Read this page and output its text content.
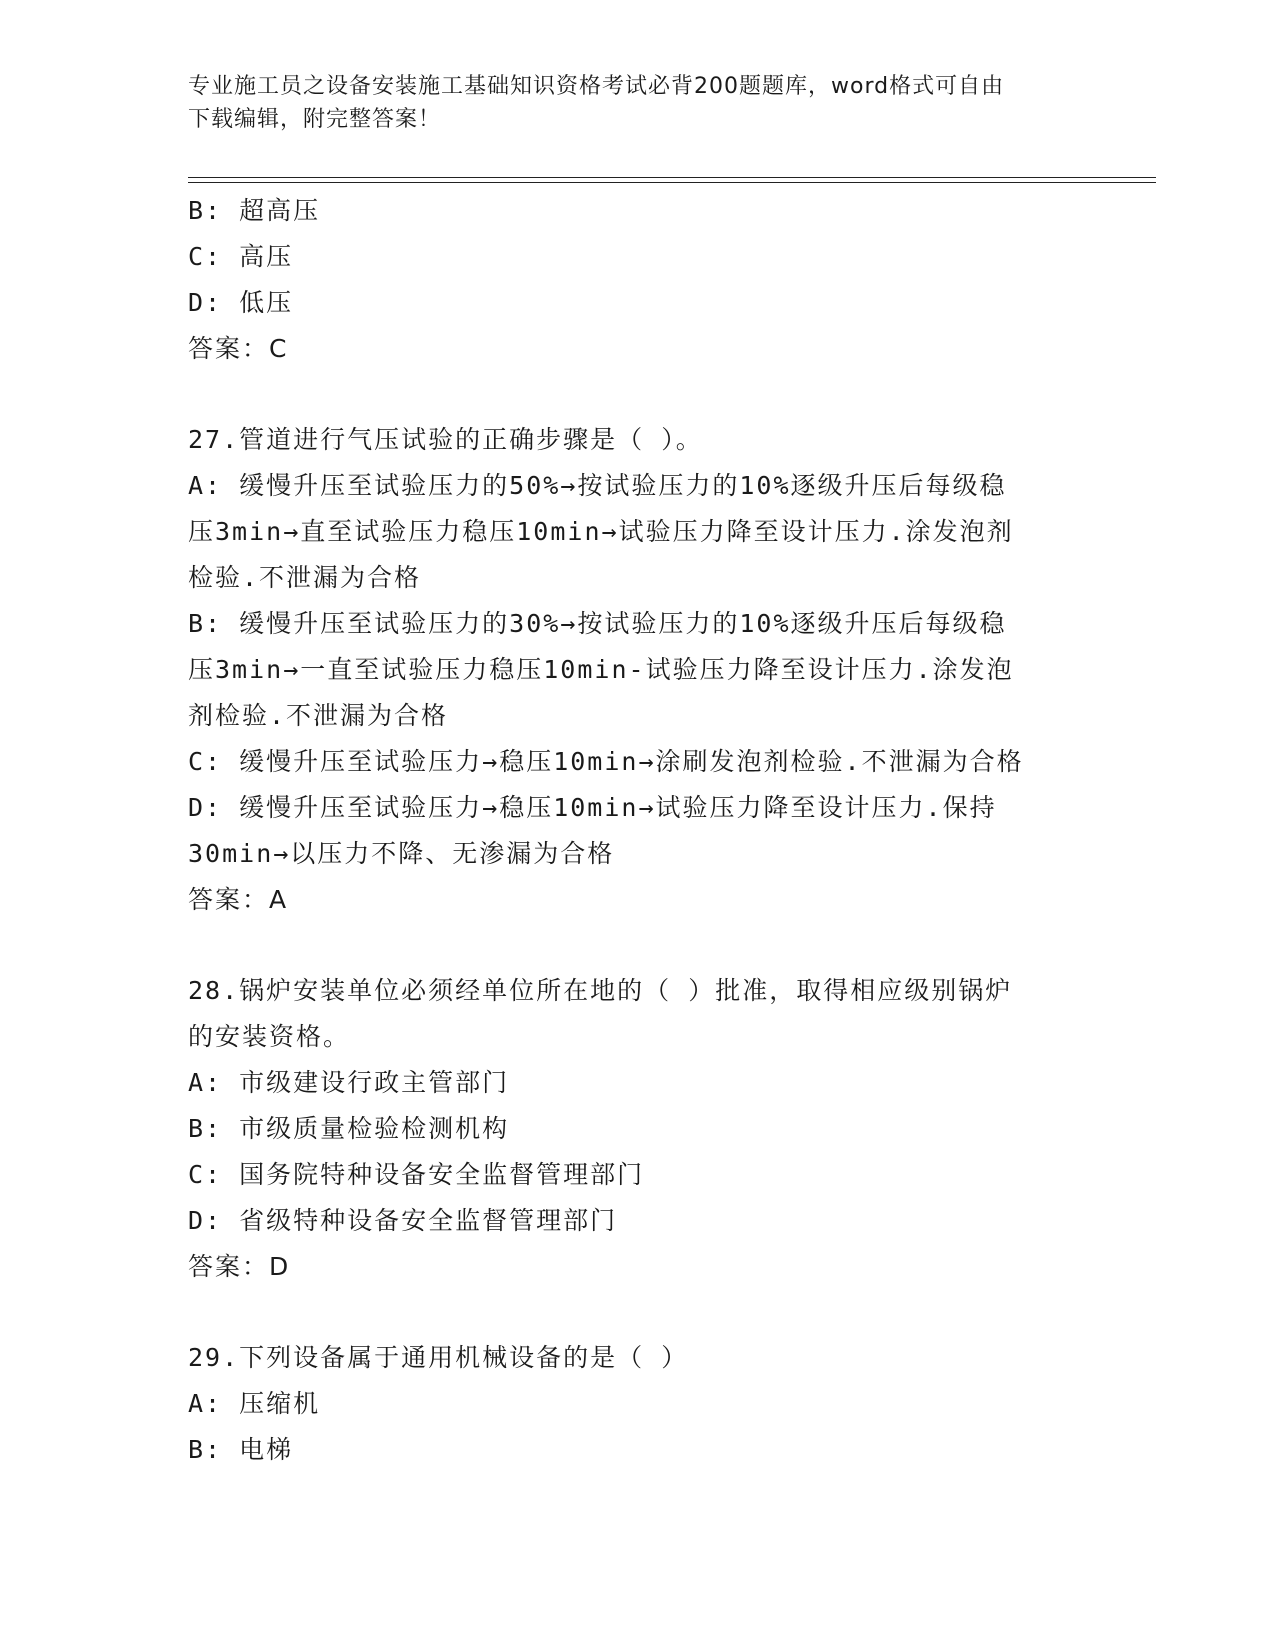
专业施工员之设备安装施工基础知识资格考试必背200题题库，word格式可自由
下载编辑，附完整答案！
B: 超高压
C: 高压
D: 低压
答案：C
27.管道进行气压试验的正确步骤是（ ）。
A: 缓慢升压至试验压力的50%→按试验压力的10%逐级升压后每级稳
压3min→直至试验压力稳压10min→试验压力降至设计压力.涂发泡剂
检验.不泄漏为合格
B: 缓慢升压至试验压力的30%→按试验压力的10%逐级升压后每级稳
压3min→一直至试验压力稳压10min-试验压力降至设计压力.涂发泡
剂检验.不泄漏为合格
C: 缓慢升压至试验压力→稳压10min→涂刷发泡剂检验.不泄漏为合格
D: 缓慢升压至试验压力→稳压10min→试验压力降至设计压力.保持
30min→以压力不降、无渗漏为合格
答案：A
28.锅炉安装单位必须经单位所在地的（ ）批准，取得相应级别锅炉
的安装资格。
A: 市级建设行政主管部门
B: 市级质量检验检测机构
C: 国务院特种设备安全监督管理部门
D: 省级特种设备安全监督管理部门
答案：D
29.下列设备属于通用机械设备的是（ ）
A: 压缩机
B: 电梯
